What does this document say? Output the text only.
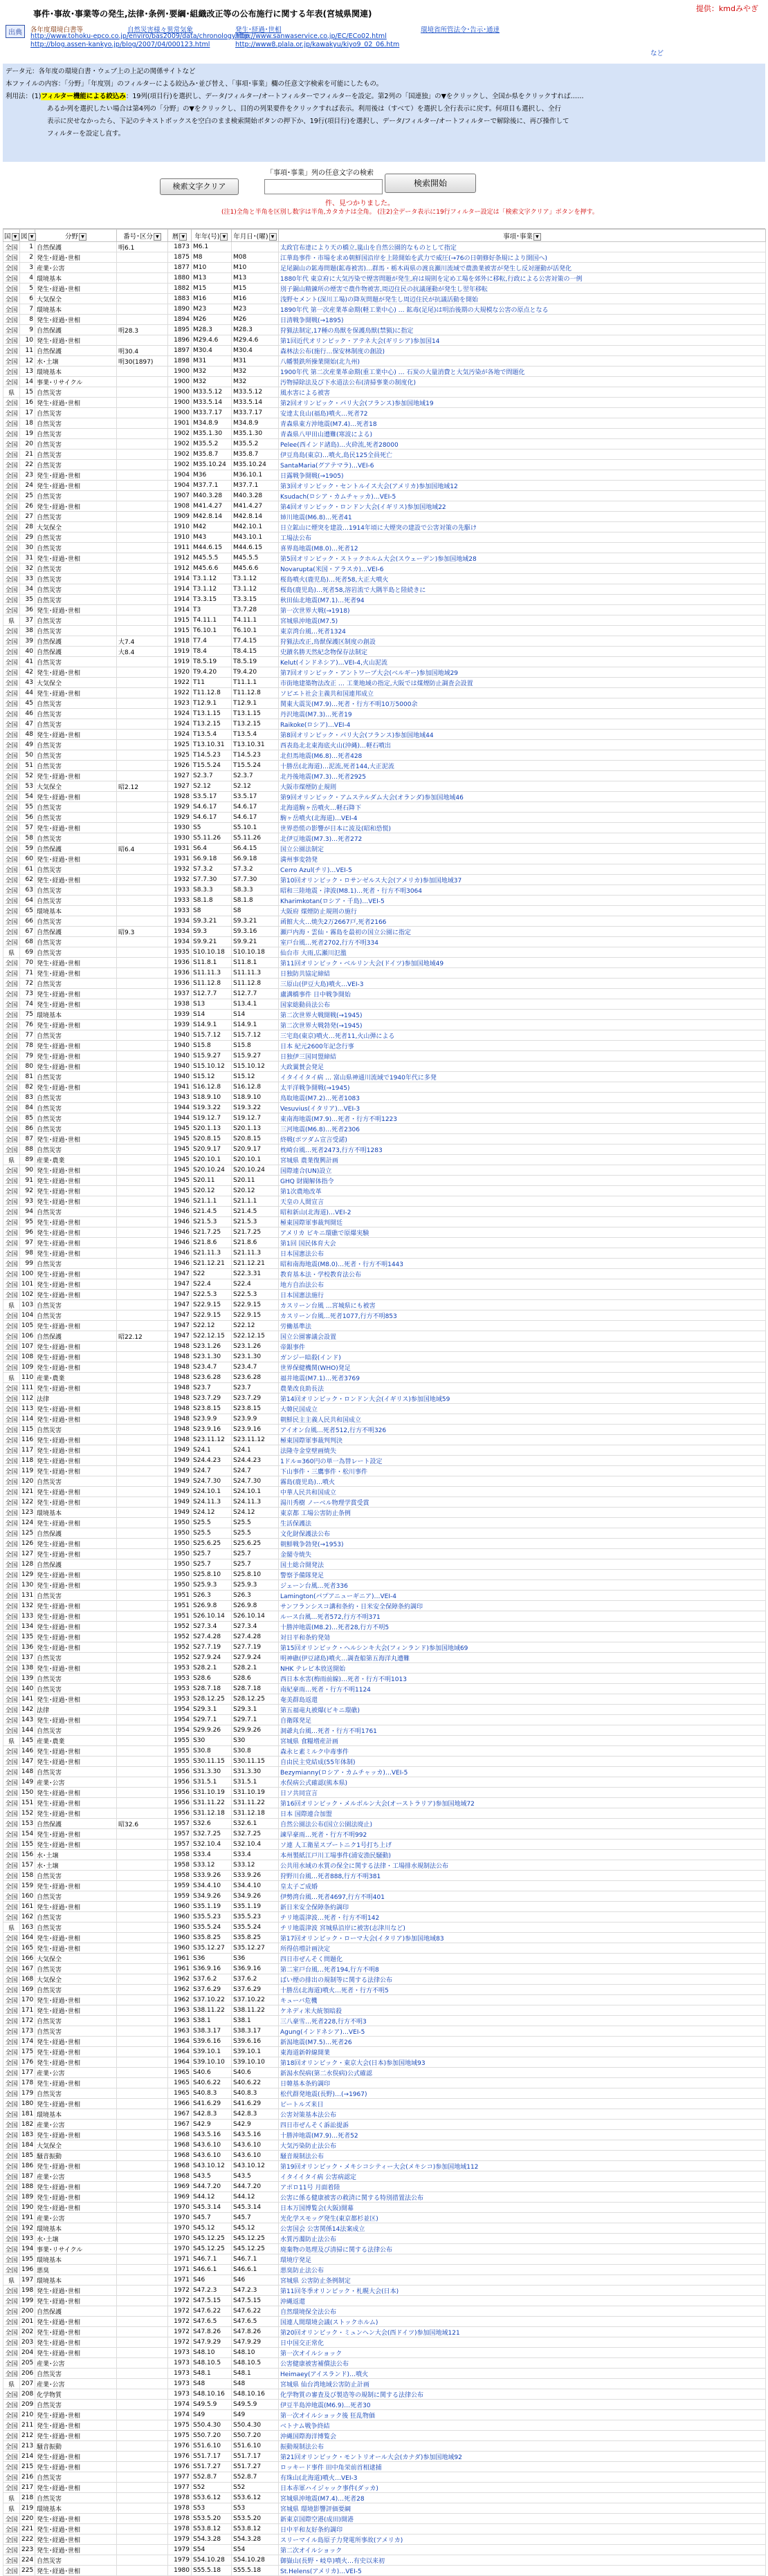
提供：kmdみやぎ
事件･事故･事業等の発生,法律･条例･要綱･組織改正等の公布施行に関する年表(宮城県関連)
出典	各年度環境白書等
http://www.tohoku-epco.co.jp/enviro/bas2009/data/chronology.htm
自然災害様々異常気象	発生･経過･世相
http://www.sanwaservice.co.jp/EC/ECo02.html
環境省所管法令･告示･通達
http://blog.assen-kankyo.jp/blog/2007/04/000123.html	http://www8.plala.or.jp/kawakyu/kiyo9_02_06.htm
など
データ元：各年度の環境白書・ウェブ上の上記の関係サイトなど
本ファイルの内容：「分野」「年度別」のフィルターによる絞込み･並び替え、「事項･事業」欄の任意文字検索を可能にしたもの。
利用法：(1)フィルター機能による絞込み：19列(項目行)を選択し、データ/フィルター/オートフィルターでフィルターを設定。第2列の「国連独」の▼をクリックし、全国か県をクリックすれば……
あるか列を選択したい場合は第4列の「分野」の▼をクリックし、目的の列果要件をクリックすれば表示。利用後は（すべて）を選択し全行表示に戻す。何項目も選択し、全行
表示に戻せなかったら、下記のテキストボックスを空白のまま検索開始ボタンの押下か、19行(項目行)を選択し、データ/フィルター/オートフィルターで解除後に、再び操作して
フィルターを設定し直す。
「事項･事業」列の任意文字の検索
検索文字クリア	検索開始
件、見つかりました。
(注1)全角と半角を区別し数字は半角,カタカナは全角。 (注2)全データ表示に19行フィルター設定は「検索文字クリア」ボタンを押す。
国 ▼	図 ▼	分野 ▼	番号･区分 ▼	暦 ▼	年年(号) ▼	年月日･(曜) ▼	事項･事業 ▼
全国	1	自然保護	明6.1	1873	M6.1		太政官布達により天の橋立,嵐山を自然公園的なものとして指定
全国	2	発生･経過･世相		1875	M8	M08	江華島事件・市場を求め朝鮮国沿岸を上陸開始を武力で威圧(→76の日朝修好条規により開国へ)
全国	3	産業･公害		1877	M10	M10	足尾銅山の鉱毒問題(鉱毒被害)…群馬・栃木両県の渡良瀬川流域で農漁業被害が発生し反対運動が活発化
全国	4	環境基本		1880	M13	M13	1880年代 東京府に大気汚染で煙害問題が発生,府は規則を定め工場を郊外に移転,行政による公害対策の一例
全国	5	発生･経過･世相		1882	M15	M15	別子銅山精錬所の煙害で農作物被害,周辺住民の抗議運動が発生し翌年移転
全国	6	大気保全		1883	M16	M16	浅野セメント(深川工場)の降灰問題が発生し周辺住民が抗議活動を開始
全国	7	環境基本		1890	M23	M23	1890年代 第一次産業革命期(軽工業中心) … 鉱毒(足尾)は明治後期の大規模な公害の原点となる
全国	8	発生･経過･世相		1894	M26	M26	日清戦争開戦(→1895)
全国	9	自然保護	明28.3	1895	M28.3	M28.3	狩猟法制定,17種の鳥獣を保護鳥獣(禁猟)に指定
全国	10	発生･経過･世相		1896	M29.4.6	M29.4.6	第1回近代オリンピック・アテネ大会(ギリシア)参加国14
全国	11	自然保護	明30.4	1897	M30.4	M30.4	森林法公布(施行…保安林制度の創設)
全国	12	水･土壌	明30(1897)	1898	M31	M31	八幡製鉄所操業開始(北九州)
全国	13	環境基本		1900	M32	M32	1900年代 第二次産業革命期(重工業中心) … 石炭の大量消費と大気汚染が各地で問題化
全国	14	事業･リサイクル		1900	M32	M32	汚物掃除法及び下水道法公布(清掃事業の制度化)
県	15	自然災害		1900	M33.5.12	M33.5.12	風水害による被害
全国	16	発生･経過･世相		1900	M33.5.14	M33.5.14	第2回オリンピック・パリ大会(フランス)参加国地域19
全国	17	自然災害		1900	M33.7.17	M33.7.17	安達太良山(福島)噴火…死者72
全国	18	自然災害		1901	M34.8.9	M34.8.9	青森県東方沖地震(M7.4)…死者18
全国	19	自然災害		1902	M35.1.30	M35.1.30	青森県八甲田山遭難(寒波による)
全国	20	自然災害		1902	M35.5.2	M35.5.2	Pelee(西インド諸島)…火砕流,死者28000
全国	21	自然災害		1902	M35.8.7	M35.8.7	伊豆鳥島(東京)…噴火,島民125全員死亡
全国	22	自然災害		1902	M35.10.24	M35.10.24	SantaMaria(グアテマラ)…VEI-6
全国	23	発生･経過･世相		1904	M36	M36.10.1	日露戦争開戦(→1905)
全国	24	発生･経過･世相		1904	M37.7.1	M37.7.1	第3回オリンピック・セントルイス大会(アメリカ)参加国地域12
全国	25	自然災害		1907	M40.3.28	M40.3.28	Ksudach(ロシア・カムチャッカ)…VEI-5
全国	26	発生･経過･世相		1908	M41.4.27	M41.4.27	第4回オリンピック・ロンドン大会(イギリス)参加国地域22
全国	27	自然災害		1909	M42.8.14	M42.8.14	姉川地震(M6.8)…死者41
全国	28	大気保全		1910	M42	M42.10.1	日立鉱山に煙突を建設…1914年頃に大煙突の建設で公害対策の先駆け
全国	29	自然災害		1910	M43	M43.10.1	工場法公布
全国	30	自然災害		1911	M44.6.15	M44.6.15	喜界島地震(M8.0)…死者12
全国	31	発生･経過･世相		1912	M45.5.5	M45.5.5	第5回オリンピック・ストックホルム大会(スウェーデン)参加国地域28
全国	32	自然災害		1912	M45.6.6	M45.6.6	Novarupta(米国・アラスカ)…VEI-6
全国	33	自然災害		1914	T3.1.12	T3.1.12	桜島噴火(鹿児島)…死者58,大正大噴火
全国	34	自然災害		1914	T3.1.12	T3.1.12	桜島(鹿児島)…死者58,溶岩流で大隅半島と陸続きに
全国	35	自然災害		1914	T3.3.15	T3.3.15	秋田仙北地震(M7.1)…死者94
全国	36	発生･経過･世相		1914	T3	T3.7.28	第一次世界大戦(→1918)
県	37	自然災害		1915	T4.11.1	T4.11.1	宮城県沖地震(M7.5)
全国	38	自然災害		1915	T6.10.1	T6.10.1	東京湾台風…死者1324
全国	39	自然保護	大7.4	1918	T7.4	T7.4.15	狩猟法改正,鳥獣保護区制度の創設
全国	40	自然保護	大8.4	1919	T8.4	T8.4.15	史蹟名勝天然紀念物保存法制定
全国	41	自然災害		1919	T8.5.19	T8.5.19	Kelut(インドネシア)…VEI-4,火山泥流
全国	42	発生･経過･世相		1920	T9.4.20	T9.4.20	第7回オリンピック・アントワープ大会(ベルギー)参加国地域29
全国	43	大気保全		1922	T11	T11.1.1	市街地建築物法改正 … 工業地域の指定,大阪では煤煙防止調査会設置
全国	44	発生･経過･世相		1922	T11.12.8	T11.12.8	ソビエト社会主義共和国連邦成立
全国	45	自然災害		1923	T12.9.1	T12.9.1	関東大震災(M7.9)…死者・行方不明10万5000余
全国	46	自然災害		1924	T13.1.15	T13.1.15	丹沢地震(M7.3)…死者19
全国	47	自然災害		1924	T13.2.15	T13.2.15	Raikoke(ロシア)…VEI-4
全国	48	発生･経過･世相		1924	T13.5.4	T13.5.4	第8回オリンピック・パリ大会(フランス)参加国地域44
全国	49	自然災害		1925	T13.10.31	T13.10.31	西表島北北東海底火山(沖縄)…軽石噴出
全国	50	自然災害		1925	T14.5.23	T14.5.23	北但馬地震(M6.8)…死者428
全国	51	自然災害		1926	T15.5.24	T15.5.24	十勝岳(北海道)…泥流,死者144,大正泥流
全国	52	発生･経過･世相		1927	S2.3.7	S2.3.7	北丹後地震(M7.3)…死者2925
全国	53	大気保全	昭2.12	1927	S2.12	S2.12	大阪市煤煙防止規則
全国	54	発生･経過･世相		1928	S3.5.17	S3.5.17	第9回オリンピック・アムステルダム大会(オランダ)参加国地域46
全国	55	自然災害		1929	S4.6.17	S4.6.17	北海道駒ヶ岳噴火…軽石降下
全国	56	自然災害		1929	S4.6.17	S4.6.17	駒ヶ岳噴火(北海道)…VEI-4
全国	57	発生･経過･世相		1930	S5	S5.10.1	世界恐慌の影響が日本に波及(昭和恐慌)
全国	58	自然災害		1930	S5.11.26	S5.11.26	北伊豆地震(M7.3)…死者272
全国	59	自然保護	昭6.4	1931	S6.4	S6.4.15	国立公園法制定
全国	60	発生･経過･世相		1931	S6.9.18	S6.9.18	満州事変勃発
全国	61	自然災害		1932	S7.3.2	S7.3.2	Cerro Azul(チリ)…VEI-5
全国	62	発生･経過･世相		1932	S7.7.30	S7.7.30	第10回オリンピック・ロサンゼルス大会(アメリカ)参加国地域37
全国	63	自然災害		1933	S8.3.3	S8.3.3	昭和三陸地震・津波(M8.1)…死者・行方不明3064
全国	64	自然災害		1933	S8.1.8	S8.1.8	Kharimkotan(ロシア・千島)…VEI-5
全国	65	環境基本		1933	S8	S8	大阪府 煤煙防止規則の施行
全国	66	自然災害		1934	S9.3.21	S9.3.21	函館大火…焼失2万2667戸,死者2166
全国	67	自然保護	昭9.3	1934	S9.3	S9.3.16	瀬戸内海・雲仙・霧島を最初の国立公園に指定
全国	68	自然災害		1934	S9.9.21	S9.9.21	室戸台風…死者2702,行方不明334
県	69	自然災害		1935	S10.10.18	S10.10.18	仙台市 大雨,広瀬川氾濫
全国	70	発生･経過･世相		1936	S11.8.1	S11.8.1	第11回オリンピック・ベルリン大会(ドイツ)参加国地域49
全国	71	発生･経過･世相		1936	S11.11.3	S11.11.3	日独防共協定締結
全国	72	自然災害		1936	S11.12.8	S11.12.8	三原山(伊豆大島)噴火…VEI-3
全国	73	発生･経過･世相		1937	S12.7.7	S12.7.7	盧溝橋事件 日中戦争開始
全国	74	発生･経過･世相		1938	S13	S13.4.1	国家総動員法公布
全国	75	環境基本		1939	S14	S14	第二次世界大戦開戦(→1945)
全国	76	発生･経過･世相		1939	S14.9.1	S14.9.1	第二次世界大戦勃発(→1945)
全国	77	自然災害		1940	S15.7.12	S15.7.12	三宅島(東京)噴火…死者11,火山弾による
全国	78	発生･経過･世相		1940	S15.8	S15.8	日本 紀元2600年記念行事
全国	79	発生･経過･世相		1940	S15.9.27	S15.9.27	日独伊三国同盟締結
全国	80	発生･経過･世相		1940	S15.10.12	S15.10.12	大政翼賛会発足
全国	81	自然災害		1940	S15.12	S15.12	イタイイタイ病 … 富山県神通川流域で1940年代に多発
全国	82	発生･経過･世相		1941	S16.12.8	S16.12.8	太平洋戦争開戦(→1945)
全国	83	自然災害		1943	S18.9.10	S18.9.10	鳥取地震(M7.2)…死者1083
全国	84	自然災害		1944	S19.3.22	S19.3.22	Vesuvius(イタリア)…VEI-3
全国	85	自然災害		1944	S19.12.7	S19.12.7	東南海地震(M7.9)…死者・行方不明1223
全国	86	自然災害		1945	S20.1.13	S20.1.13	三河地震(M6.8)…死者2306
全国	87	発生･経過･世相		1945	S20.8.15	S20.8.15	終戦(ポツダム宣言受諾)
全国	88	自然災害		1945	S20.9.17	S20.9.17	枕崎台風…死者2473,行方不明1283
県	89	産業･農業		1945	S20.10.1	S20.10.1	宮城県 農業復興計画
全国	90	発生･経過･世相		1945	S20.10.24	S20.10.24	国際連合(UN)設立
全国	91	発生･経過･世相		1945	S20.11	S20.11	GHQ 財閥解体指令
全国	92	発生･経過･世相		1945	S20.12	S20.12	第1次農地改革
全国	93	発生･経過･世相		1946	S21.1.1	S21.1.1	天皇の人間宣言
全国	94	自然災害		1946	S21.4.5	S21.4.5	昭和新山(北海道)…VEI-2
全国	95	発生･経過･世相		1946	S21.5.3	S21.5.3	極東国際軍事裁判開廷
全国	96	発生･経過･世相		1946	S21.7.25	S21.7.25	アメリカ ビキニ環礁で原爆実験
全国	97	発生･経過･世相		1946	S21.8.6	S21.8.6	第1回 国民体育大会
全国	98	発生･経過･世相		1946	S21.11.3	S21.11.3	日本国憲法公布
全国	99	自然災害		1946	S21.12.21	S21.12.21	昭和南海地震(M8.0)…死者・行方不明1443
全国	100	発生･経過･世相		1947	S22	S22.3.31	教育基本法・学校教育法公布
全国	101	発生･経過･世相		1947	S22.4	S22.4	地方自治法公布
全国	102	発生･経過･世相		1947	S22.5.3	S22.5.3	日本国憲法施行
県	103	自然災害		1947	S22.9.15	S22.9.15	カスリーン台風 …宮城県にも被害
全国	104	自然災害		1947	S22.9.15	S22.9.15	カスリーン台風…死者1077,行方不明853
全国	105	発生･経過･世相		1947	S22.12	S22.12	労働基準法
全国	106	自然保護	昭22.12	1947	S22.12.15	S22.12.15	国立公園審議会設置
全国	107	発生･経過･世相		1948	S23.1.26	S23.1.26	帝銀事件
全国	108	発生･経過･世相		1948	S23.1.30	S23.1.30	ガンジー暗殺(インド)
全国	109	発生･経過･世相		1948	S23.4.7	S23.4.7	世界保健機関(WHO)発足
県	110	産業･農業		1948	S23.6.28	S23.6.28	福井地震(M7.1)…死者3769
全国	111	発生･経過･世相		1948	S23.7	S23.7	農業改良助長法
全国	112	法律		1948	S23.7.29	S23.7.29	第14回オリンピック・ロンドン大会(イギリス)参加国地域59
全国	113	発生･経過･世相		1948	S23.8.15	S23.8.15	大韓民国成立
全国	114	発生･経過･世相		1948	S23.9.9	S23.9.9	朝鮮民主主義人民共和国成立
全国	115	自然災害		1948	S23.9.16	S23.9.16	アイオン台風…死者512,行方不明326
全国	116	発生･経過･世相		1948	S23.11.12	S23.11.12	極東国際軍事裁判判決
全国	117	発生･経過･世相		1949	S24.1	S24.1	法隆寺金堂壁画焼失
全国	118	発生･経過･世相		1949	S24.4.23	S24.4.23	1ドル=360円の単一為替レート設定
全国	119	発生･経過･世相		1949	S24.7	S24.7	下山事件・三鷹事件・松川事件
全国	120	自然災害		1949	S24.7.30	S24.7.30	霧島(鹿児島)…噴火
全国	121	発生･経過･世相		1949	S24.10.1	S24.10.1	中華人民共和国成立
全国	122	発生･経過･世相		1949	S24.11.3	S24.11.3	湯川秀樹 ノーベル物理学賞受賞
全国	123	環境基本		1949	S24.12	S24.12	東京都 工場公害防止条例
全国	124	発生･経過･世相		1950	S25.5	S25.5	生活保護法
全国	125	自然保護		1950	S25.5	S25.5	文化財保護法公布
全国	126	発生･経過･世相		1950	S25.6.25	S25.6.25	朝鮮戦争勃発(→1953)
全国	127	発生･経過･世相		1950	S25.7	S25.7	金閣寺焼失
全国	128	自然保護		1950	S25.7	S25.7	国土総合開発法
全国	129	発生･経過･世相		1950	S25.8.10	S25.8.10	警察予備隊発足
全国	130	発生･経過･世相		1950	S25.9.3	S25.9.3	ジェーン台風…死者336
全国	131	自然災害		1951	S26.3	S26.3	Lamington(パプアニューギニア)…VEI-4
全国	132	発生･経過･世相		1951	S26.9.8	S26.9.8	サンフランシスコ講和条約・日米安全保障条約調印
全国	133	発生･経過･世相		1951	S26.10.14	S26.10.14	ルース台風…死者572,行方不明371
全国	134	発生･経過･世相		1952	S27.3.4	S27.3.4	十勝沖地震(M8.2)…死者28,行方不明5
全国	135	発生･経過･世相		1952	S27.4.28	S27.4.28	対日平和条約発効
全国	136	発生･経過･世相		1952	S27.7.19	S27.7.19	第15回オリンピック・ヘルシンキ大会(フィンランド)参加国地域69
全国	137	自然災害		1952	S27.9.24	S27.9.24	明神礁(伊豆諸島)噴火…調査船第五海洋丸遭難
全国	138	発生･経過･世相		1953	S28.2.1	S28.2.1	NHK テレビ本放送開始
全国	139	自然災害		1953	S28.6	S28.6	西日本水害(梅雨前線)…死者・行方不明1013
全国	140	自然災害		1953	S28.7.18	S28.7.18	南紀豪雨…死者・行方不明1124
全国	141	発生･経過･世相		1953	S28.12.25	S28.12.25	奄美群島返還
全国	142	法律		1954	S29.3.1	S29.3.1	第五福竜丸被爆(ビキニ環礁)
全国	143	発生･経過･世相		1954	S29.7.1	S29.7.1	自衛隊発足
全国	144	自然災害		1954	S29.9.26	S29.9.26	洞爺丸台風…死者・行方不明1761
県	145	産業･農業		1955	S30	S30	宮城県 食糧増産計画
全国	146	発生･経過･世相		1955	S30.8	S30.8	森永ヒ素ミルク中毒事件
全国	147	発生･経過･世相		1955	S30.11.15	S30.11.15	自由民主党結成(55年体制)
全国	148	自然災害		1956	S31.3.30	S31.3.30	Bezymianny(ロシア・カムチャッカ)…VEI-5
全国	149	産業･公害		1956	S31.5.1	S31.5.1	水俣病公式確認(熊本県)
全国	150	発生･経過･世相		1956	S31.10.19	S31.10.19	日ソ共同宣言
全国	151	発生･経過･世相		1956	S31.11.22	S31.11.22	第16回オリンピック・メルボルン大会(オーストラリア)参加国地域72
全国	152	発生･経過･世相		1956	S31.12.18	S31.12.18	日本 国際連合加盟
全国	153	自然保護	昭32.6	1957	S32.6	S32.6.1	自然公園法公布(国立公園法廃止)
全国	154	発生･経過･世相		1957	S32.7.25	S32.7.25	諫早豪雨…死者・行方不明992
全国	155	発生･経過･世相		1957	S32.10.4	S32.10.4	ソ連 人工衛星スプートニク1号打ち上げ
全国	156	水･土壌		1958	S33.4	S33.4	本州製紙江戸川工場事件(浦安漁民騒動)
全国	157	水･土壌		1958	S33.12	S33.12	公共用水域の水質の保全に関する法律・工場排水規制法公布
全国	158	自然災害		1958	S33.9.26	S33.9.26	狩野川台風…死者888,行方不明381
全国	159	発生･経過･世相		1959	S34.4.10	S34.4.10	皇太子ご成婚
全国	160	自然災害		1959	S34.9.26	S34.9.26	伊勢湾台風…死者4697,行方不明401
全国	161	発生･経過･世相		1960	S35.1.19	S35.1.19	新日米安全保障条約調印
全国	162	自然災害		1960	S35.5.23	S35.5.23	チリ地震津波…死者・行方不明142
県	163	自然災害		1960	S35.5.24	S35.5.24	チリ地震津波 宮城県沿岸に被害(志津川など)
全国	164	発生･経過･世相		1960	S35.8.25	S35.8.25	第17回オリンピック・ローマ大会(イタリア)参加国地域83
全国	165	発生･経過･世相		1960	S35.12.27	S35.12.27	所得倍増計画決定
全国	166	大気保全		1961	S36	S36	四日市ぜんそく問題化
全国	167	自然災害		1961	S36.9.16	S36.9.16	第二室戸台風…死者194,行方不明8
全国	168	大気保全		1962	S37.6.2	S37.6.2	ばい煙の排出の規制等に関する法律公布
全国	169	自然災害		1962	S37.6.29	S37.6.29	十勝岳(北海道)噴火…死者・行方不明5
全国	170	発生･経過･世相		1962	S37.10.22	S37.10.22	キューバ危機
全国	171	発生･経過･世相		1963	S38.11.22	S38.11.22	ケネディ米大統領暗殺
全国	172	自然災害		1963	S38.1	S38.1	三八豪雪…死者228,行方不明3
全国	173	自然災害		1963	S38.3.17	S38.3.17	Agung(インドネシア)…VEI-5
全国	174	発生･経過･世相		1964	S39.6.16	S39.6.16	新潟地震(M7.5)…死者26
全国	175	発生･経過･世相		1964	S39.10.1	S39.10.1	東海道新幹線開業
全国	176	発生･経過･世相		1964	S39.10.10	S39.10.10	第18回オリンピック・東京大会(日本)参加国地域93
全国	177	産業･公害		1965	S40.6	S40.6	新潟水俣病(第二水俣病)公式確認
全国	178	発生･経過･世相		1965	S40.6.22	S40.6.22	日韓基本条約調印
全国	179	自然災害		1965	S40.8.3	S40.8.3	松代群発地震(長野)…(→1967)
全国	180	発生･経過･世相		1966	S41.6.29	S41.6.29	ビートルズ来日
全国	181	環境基本		1967	S42.8.3	S42.8.3	公害対策基本法公布
全国	182	産業･公害		1967	S42.9	S42.9	四日市ぜんそく訴訟提訴
全国	183	発生･経過･世相		1968	S43.5.16	S43.5.16	十勝沖地震(M7.9)…死者52
全国	184	大気保全		1968	S43.6.10	S43.6.10	大気汚染防止法公布
全国	185	騒音振動		1968	S43.6.10	S43.6.10	騒音規制法公布
全国	186	発生･経過･世相		1968	S43.10.12	S43.10.12	第19回オリンピック・メキシコシティー大会(メキシコ)参加国地域112
全国	187	産業･公害		1968	S43.5	S43.5	イタイイタイ病 公害病認定
全国	188	発生･経過･世相		1969	S44.7.20	S44.7.20	アポロ11号 月面着陸
全国	189	発生･経過･世相		1969	S44.12	S44.12	公害に係る健康被害の救済に関する特別措置法公布
全国	190	発生･経過･世相		1970	S45.3.14	S45.3.14	日本万国博覧会(大阪)開幕
全国	191	産業･公害		1970	S45.7	S45.7	光化学スモッグ発生(東京都杉並区)
全国	192	環境基本		1970	S45.12	S45.12	公害国会 公害関係14法案成立
全国	193	水･土壌		1970	S45.12.25	S45.12.25	水質汚濁防止法公布
全国	194	事業･リサイクル		1970	S45.12.25	S45.12.25	廃棄物の処理及び清掃に関する法律公布
全国	195	環境基本		1971	S46.7.1	S46.7.1	環境庁発足
全国	196	悪臭		1971	S46.6.1	S46.6.1	悪臭防止法公布
県	197	環境基本		1971	S46	S46	宮城県 公害防止条例制定
全国	198	発生･経過･世相		1972	S47.2.3	S47.2.3	第11回冬季オリンピック・札幌大会(日本)
全国	199	発生･経過･世相		1972	S47.5.15	S47.5.15	沖縄返還
全国	200	自然保護		1972	S47.6.22	S47.6.22	自然環境保全法公布
全国	201	発生･経過･世相		1972	S47.6.5	S47.6.5	国連人間環境会議(ストックホルム)
全国	202	発生･経過･世相		1972	S47.8.26	S47.8.26	第20回オリンピック・ミュンヘン大会(西ドイツ)参加国地域121
全国	203	発生･経過･世相		1972	S47.9.29	S47.9.29	日中国交正常化
全国	204	発生･経過･世相		1973	S48.10	S48.10	第一次オイルショック
全国	205	産業･公害		1973	S48.10.5	S48.10.5	公害健康被害補償法公布
全国	206	自然災害		1973	S48.1	S48.1	Heimaey(アイスランド)…噴火
県	207	産業･公害		1973	S48	S48	宮城県 仙台湾地域公害防止計画
全国	208	化学物質		1973	S48.10.16	S48.10.16	化学物質の審査及び製造等の規制に関する法律公布
全国	209	自然災害		1974	S49.5.9	S49.5.9	伊豆半島沖地震(M6.9)…死者30
全国	210	発生･経過･世相		1974	S49	S49	第一次オイルショック後 狂乱物価
全国	211	発生･経過･世相		1975	S50.4.30	S50.4.30	ベトナム戦争終結
全国	212	発生･経過･世相		1975	S50.7.20	S50.7.20	沖縄国際海洋博覧会
全国	213	騒音振動		1976	S51.6.10	S51.6.10	振動規制法公布
全国	214	発生･経過･世相		1976	S51.7.17	S51.7.17	第21回オリンピック・モントリオール大会(カナダ)参加国地域92
全国	215	発生･経過･世相		1976	S51.7.27	S51.7.27	ロッキード事件 田中角栄前首相逮捕
全国	216	自然災害		1977	S52.8.7	S52.8.7	有珠山(北海道)噴火…VEI-3
全国	217	発生･経過･世相		1977	S52	S52	日本赤軍ハイジャック事件(ダッカ)
県	218	自然災害		1978	S53.6.12	S53.6.12	宮城県沖地震(M7.4)…死者28
県	219	環境基本		1978	S53	S53	宮城県 環境影響評価要綱
全国	220	発生･経過･世相		1978	S53.5.20	S53.5.20	新東京国際空港(成田)開港
全国	221	発生･経過･世相		1978	S53.8.12	S53.8.12	日中平和友好条約調印
全国	222	発生･経過･世相		1979	S54.3.28	S54.3.28	スリーマイル島原子力発電所事故(アメリカ)
全国	223	発生･経過･世相		1979	S54	S54	第二次オイルショック
全国	224	自然災害		1979	S54.10.28	S54.10.28	御嶽山(長野・岐阜)噴火…有史以来初
全国	225	発生･経過･世相		1980	S55.5.18	S55.5.18	St.Helens(アメリカ)…VEI-5
